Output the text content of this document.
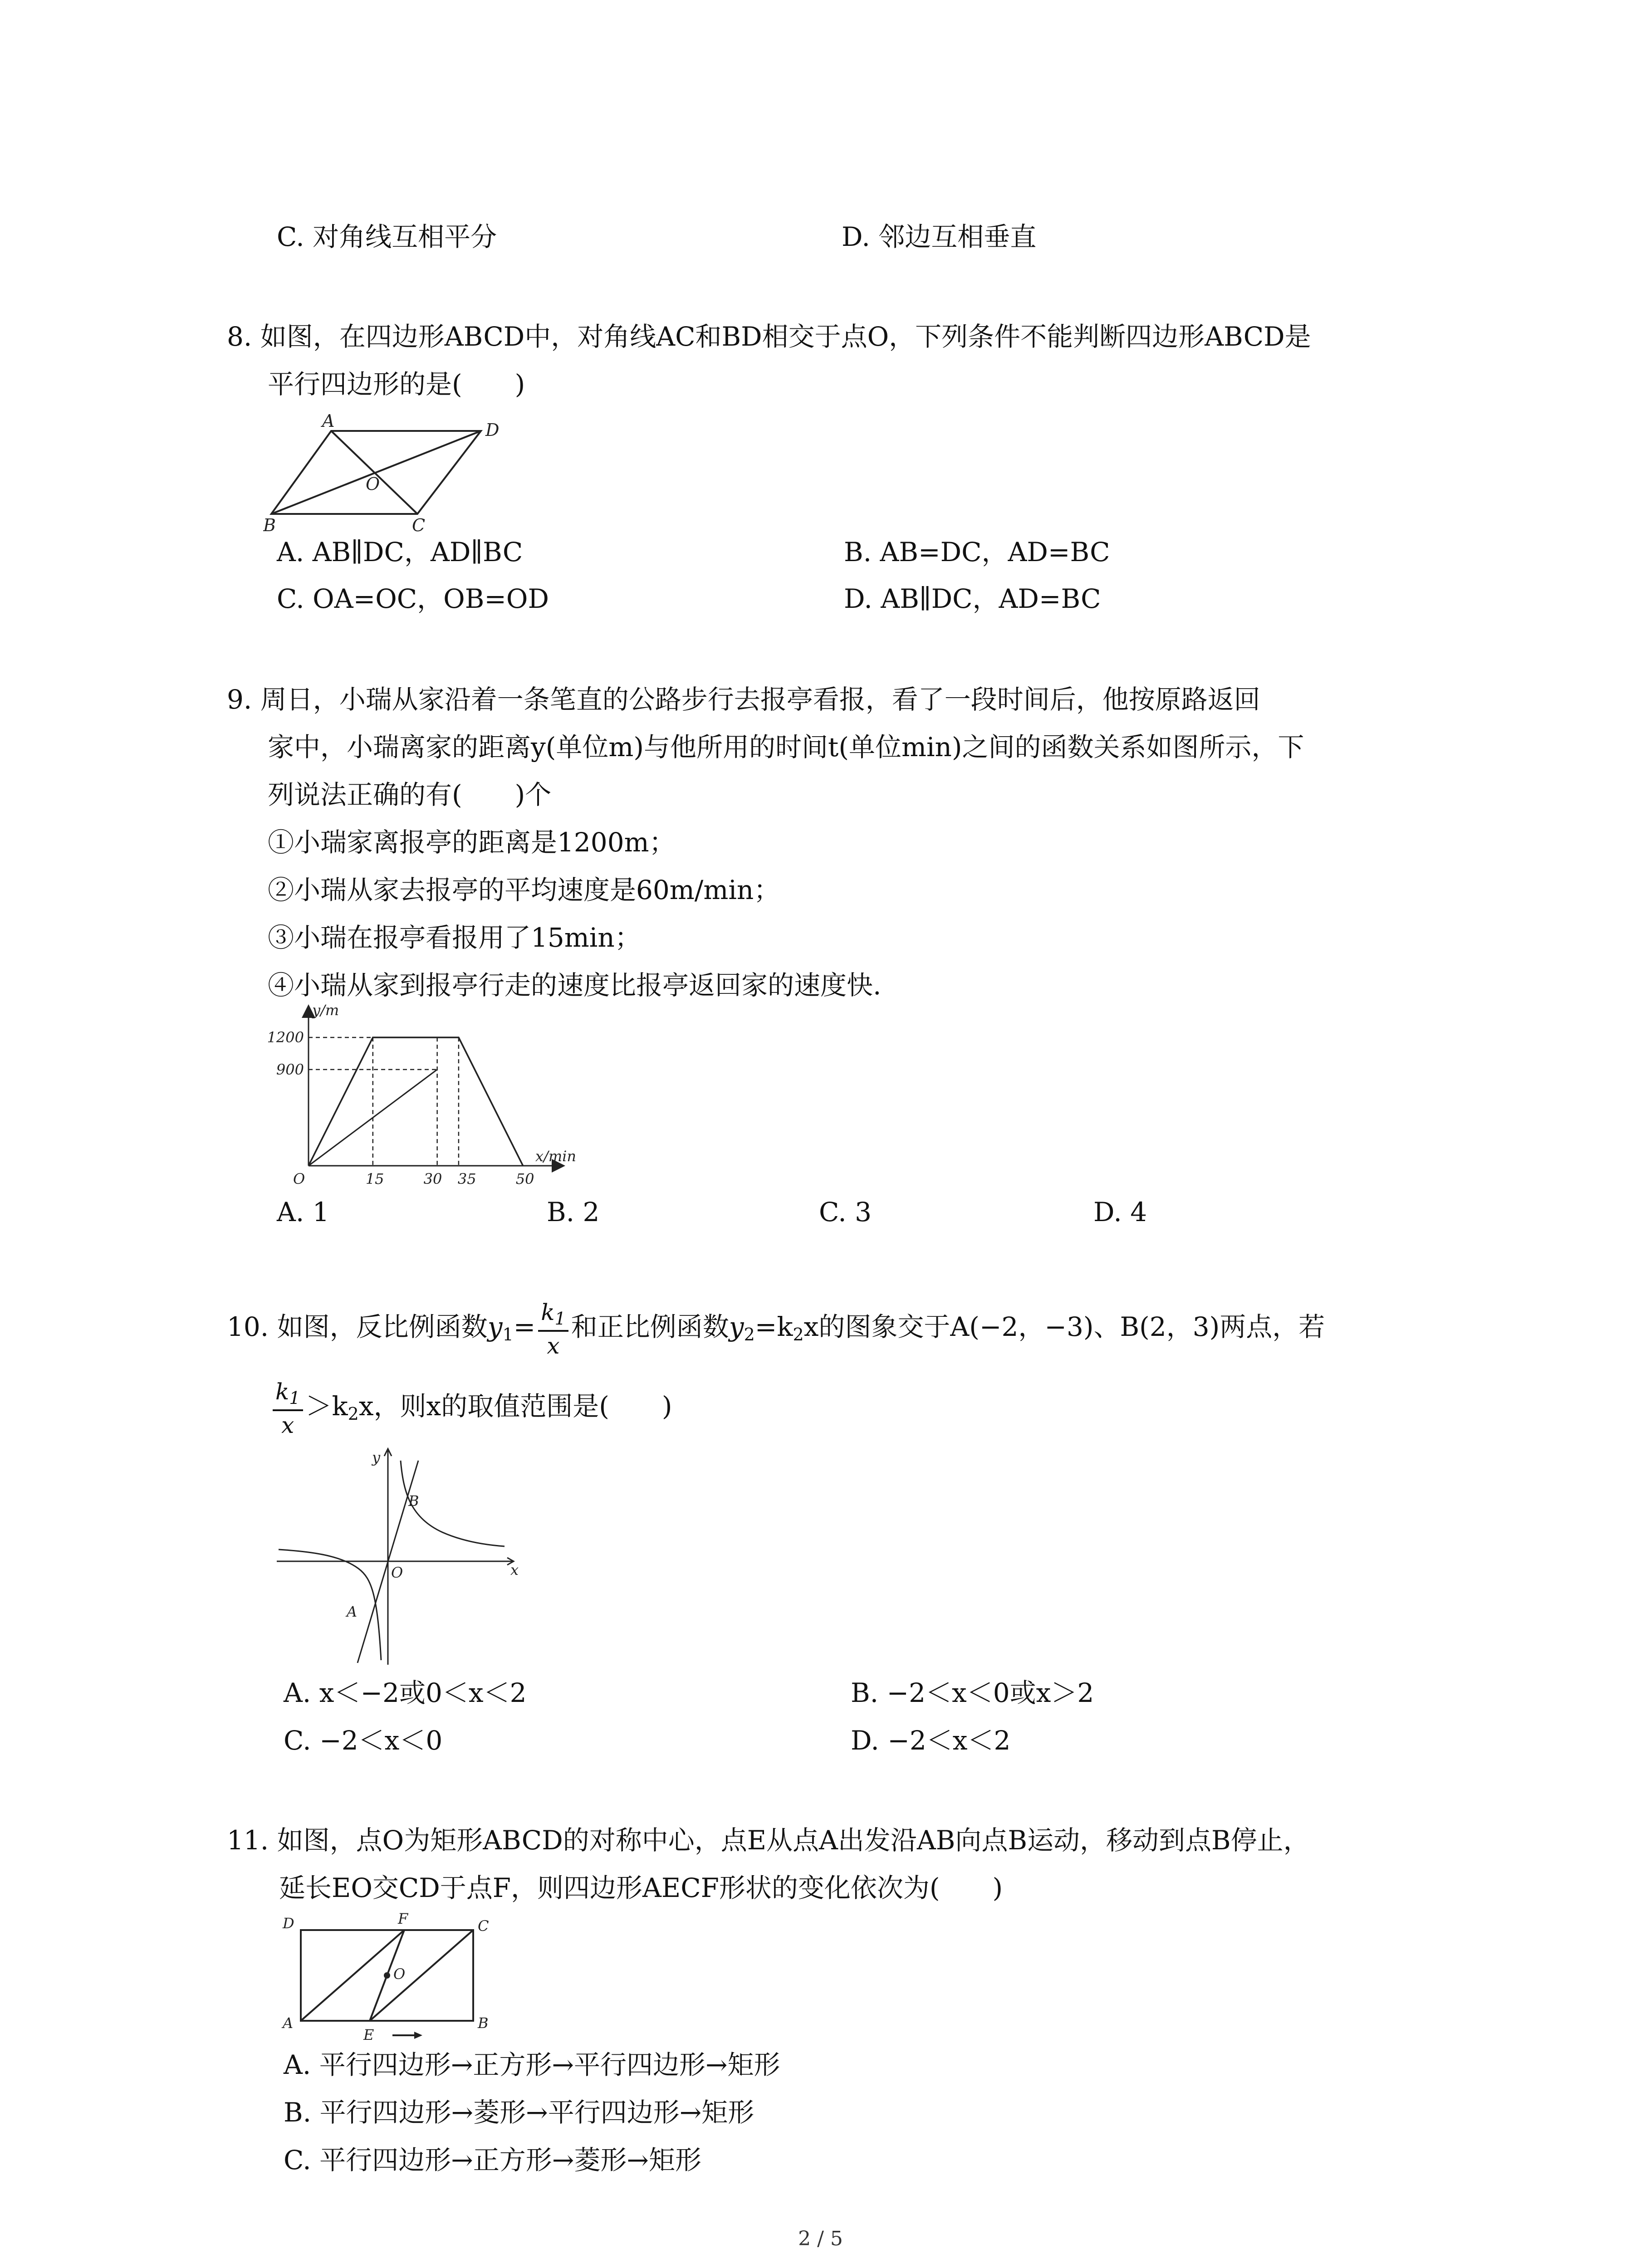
C. 对角线互相平分	D. 邻边互相垂直
8. 如图，在四边形ABCD中，对角线AC和BD相交于点O，下列条件不能判断四边形ABCD是
平行四边形的是(　　)
A	D
B	C
O
A. AB∥DC，AD∥BC	B. AB=DC，AD=BC
C. OA=OC，OB=OD	D. AB∥DC，AD=BC
9. 周日，小瑞从家沿着一条笔直的公路步行去报亭看报，看了一段时间后，他按原路返回
家中，小瑞离家的距离y(单位m)与他所用的时间t(单位min)之间的函数关系如图所示，下
列说法正确的有(　　)个
①小瑞家离报亭的距离是1200m；
②小瑞从家去报亭的平均速度是60m/min；
③小瑞在报亭看报用了15min；
④小瑞从家到报亭行走的速度比报亭返回家的速度快.
y/m
x/min
O	15	30 35	50
900
1200
A. 1	B. 2	C. 3	D. 4
10. 如图，反比例函数$y_1= \frac{k_1}{x}$ 和正比例函数$y_2=k_2x$的图象交于A(−2，−3)、B(2，3)两点，若
$\frac{k_1}{x} >k_2x$，则x的取值范围是(　　)
y
x
O
B
A
A. x＜−2或0＜x＜2	B. −2＜x＜0或x＞2
C. −2＜x＜0	D. −2＜x＜2
11. 如图，点O为矩形ABCD的对称中心，点E从点A出发沿AB向点B运动，移动到点B停止，
延长EO交CD于点F，则四边形AECF形状的变化依次为(　　)
D	F	C
O
A
E
B
A. 平行四边形→正方形→平行四边形→矩形
B. 平行四边形→菱形→平行四边形→矩形
C. 平行四边形→正方形→菱形→矩形
2 / 5
